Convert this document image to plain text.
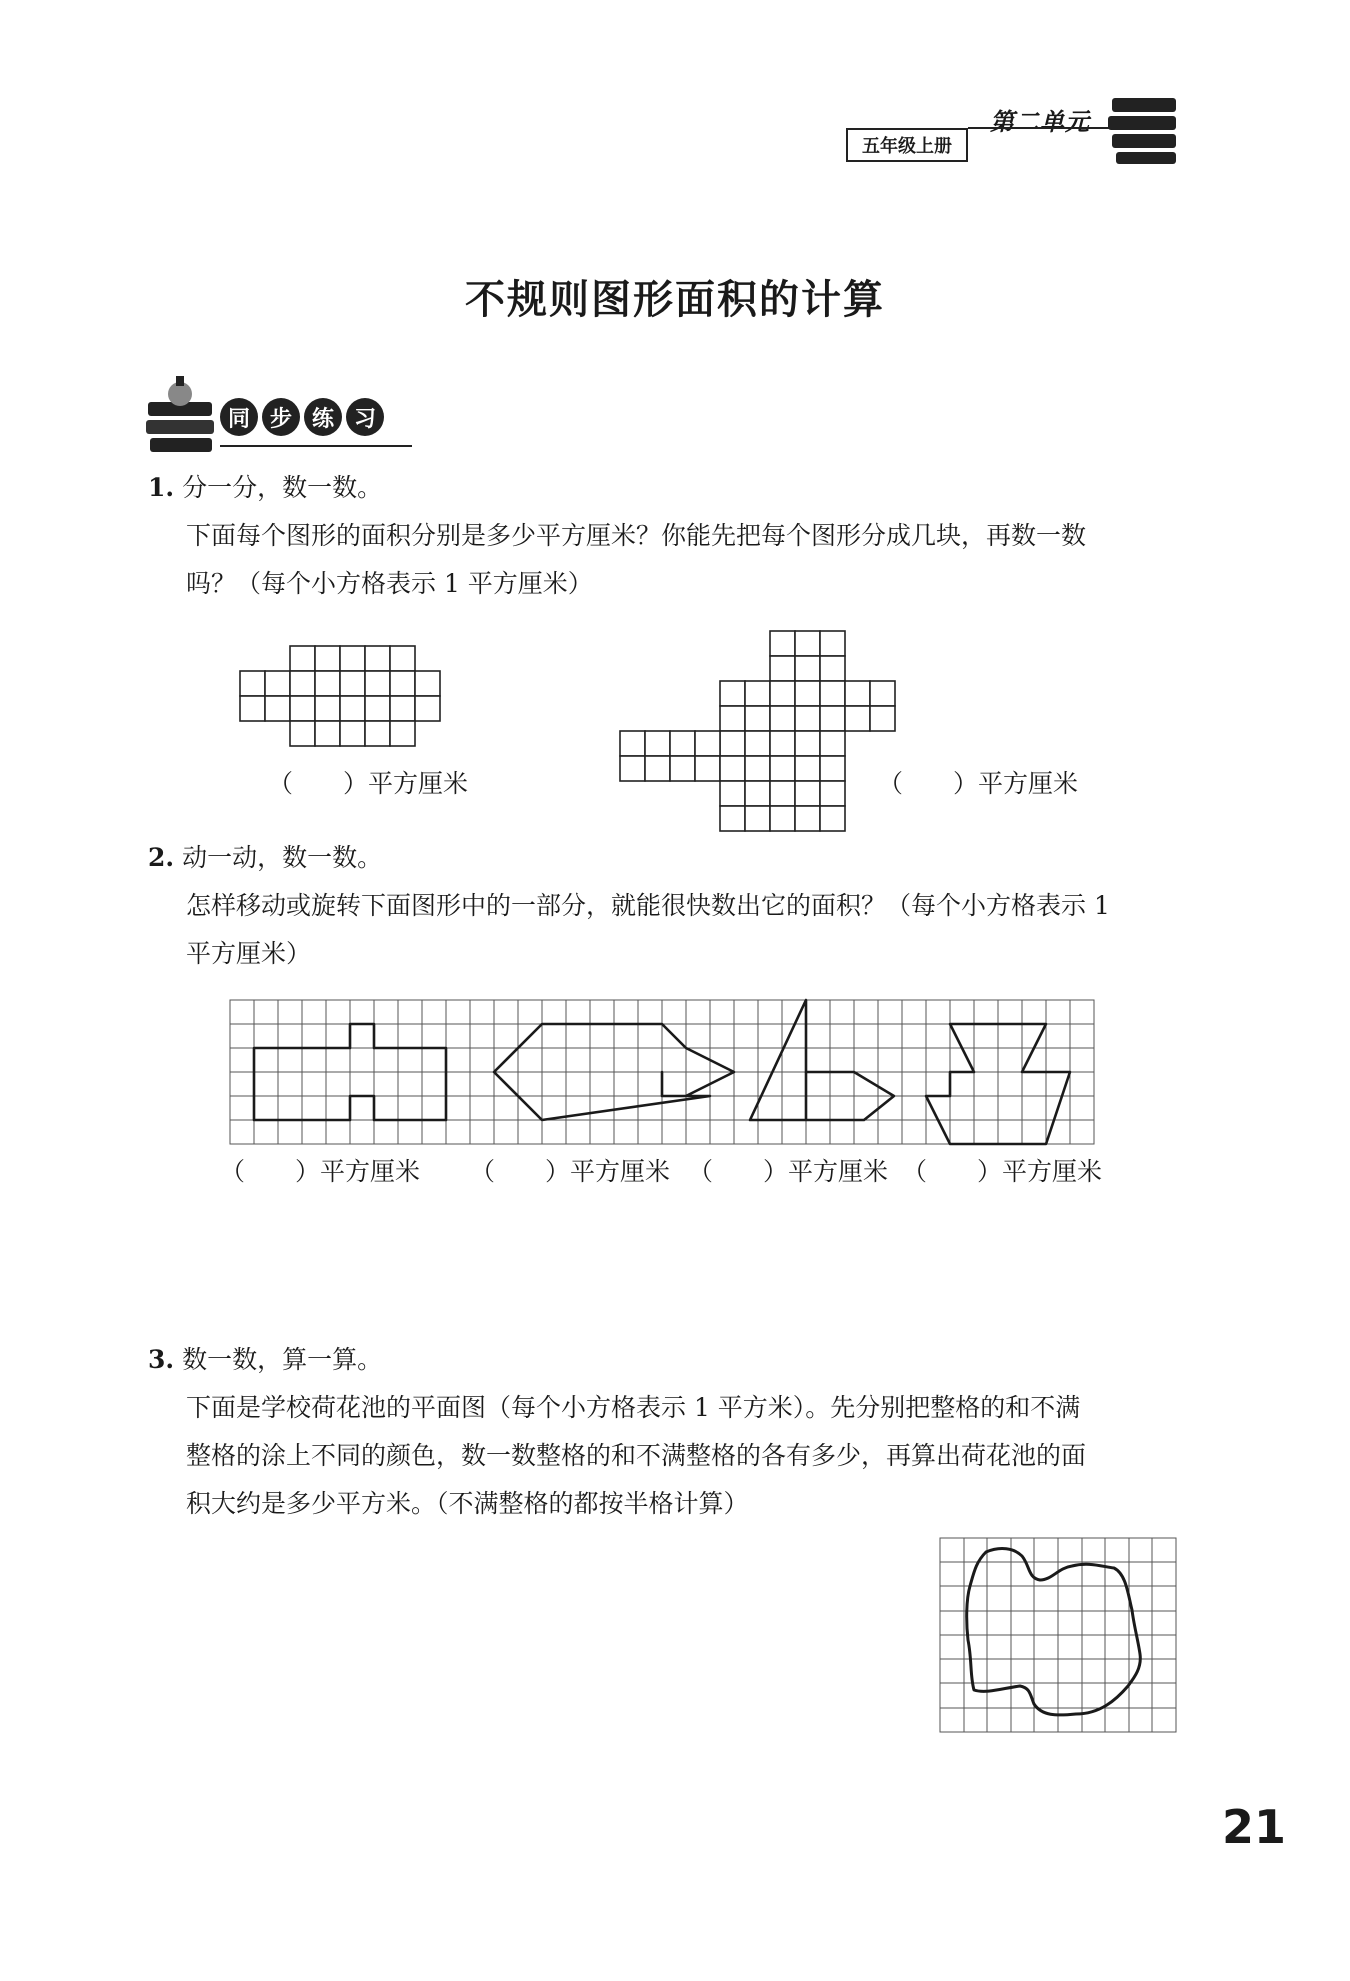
第二单元
五年级上册
不规则图形面积的计算
同 步 练 习
1. 分一分，数一数。
下面每个图形的面积分别是多少平方厘米？你能先把每个图形分成几块，再数一数
吗？（每个小方格表示 1 平方厘米）
（　　）平方厘米	（　　）平方厘米
2. 动一动，数一数。
怎样移动或旋转下面图形中的一部分，就能很快数出它的面积？（每个小方格表示 1
平方厘米）
（　　）平方厘米 （　　）平方厘米 （　　）平方厘米 （　　）平方厘米
3. 数一数，算一算。
下面是学校荷花池的平面图（每个小方格表示 1 平方米）。先分别把整格的和不满
整格的涂上不同的颜色，数一数整格的和不满整格的各有多少，再算出荷花池的面
积大约是多少平方米。（不满整格的都按半格计算）
21
